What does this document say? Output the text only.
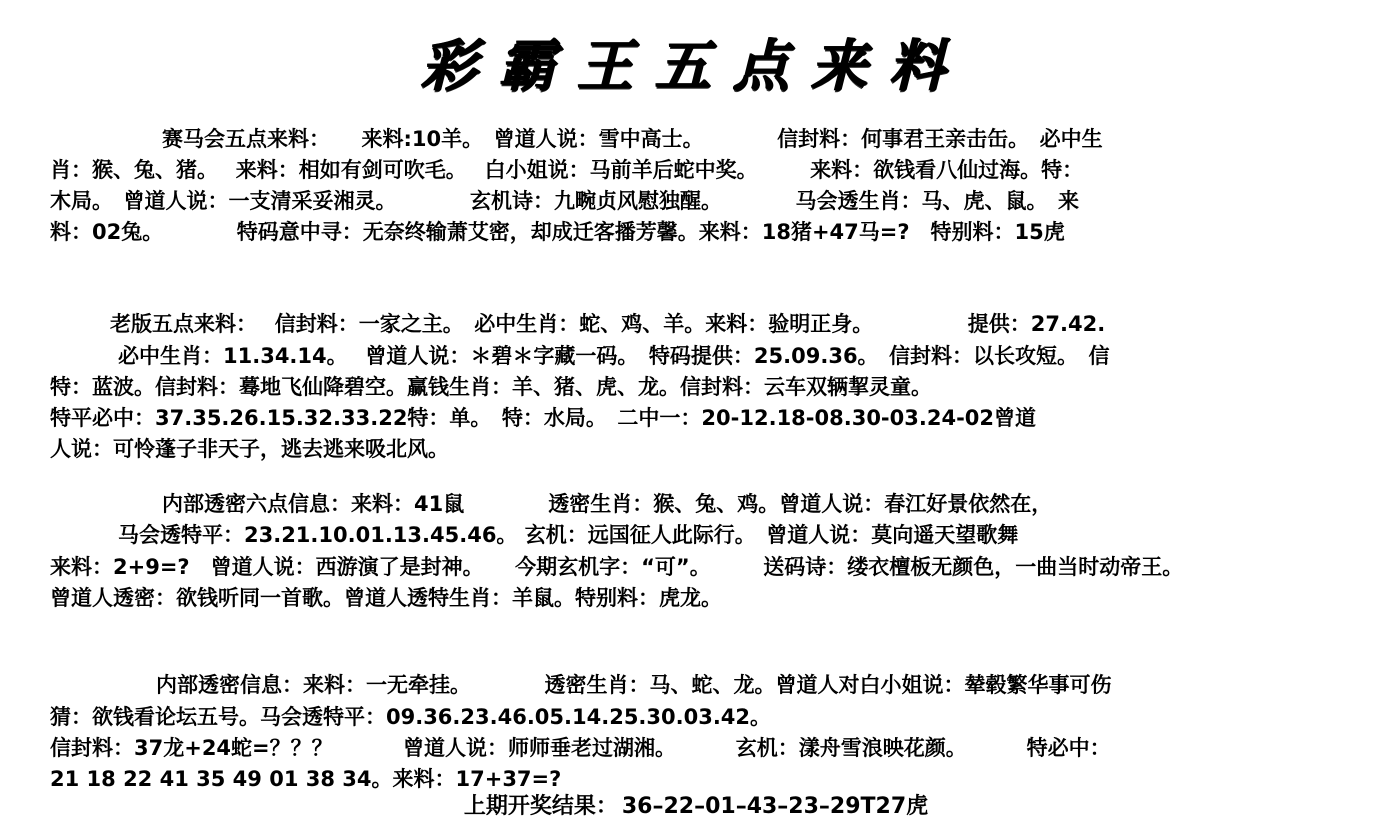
彩霸王五点来料
赛马会五点来料：　　来料:10羊。　曾道人说：雪中高士。　　　　信封料：何事君王亲击缶。　必中生
肖：猴、兔、猪。　 来料：相如有剑可吹毛。　 白小姐说：马前羊后蛇中奖。　　　来料：欲钱看八仙过海。特：
木局。　曾道人说：一支清采妥湘灵。　　　　玄机诗：九畹贞风慰独醒。　　　　马会透生肖：马、虎、鼠。　来
料：02兔。　　　　特码意中寻：无奈终输萧艾密，却成迁客播芳馨。来料：18猪+47马=?　特别料：15虎
老版五点来料：　 信封料：一家之主。　必中生肖：蛇、鸡、羊。来料：验明正身。　　　　　提供：27.42.
必中生肖：11.34.14。　 曾道人说：＊碧＊字藏一码。　特码提供：25.09.36。　信封料：以长攻短。　信
特：蓝波。信封料：蓦地飞仙降碧空。赢钱生肖：羊、猪、虎、龙。信封料：云车双辆挈灵童。
特平必中：37.35.26.15.32.33.22特：单。　特：水局。　二中一：20-12.18-08.30-03.24-02曾道
人说：可怜蓬子非天子，逃去逃来吸北风。
内部透密六点信息：来料：41鼠　　　　透密生肖：猴、兔、鸡。曾道人说：春江好景依然在，
马会透特平：23.21.10.01.13.45.46。 玄机：远国征人此际行。　曾道人说：莫向遥天望歌舞
来料：2+9=?　曾道人说：西游演了是封神。　　今期玄机字：“可”。　　　送码诗：缕衣檀板无颜色，一曲当时动帝王。
曾道人透密：欲钱听同一首歌。曾道人透特生肖：羊鼠。特别料：虎龙。
内部透密信息：来料：一无牵挂。　　　　透密生肖：马、蛇、龙。曾道人对白小姐说：辇毂繁华事可伤
猜：欲钱看论坛五号。马会透特平：09.36.23.46.05.14.25.30.03.42。
信封料：37龙+24蛇=？？？　　　 曾道人说：师师垂老过湖湘。　　　 玄机：漾舟雪浪映花颜。　　　 特必中：
21 18 22 41 35 49 01 38 34。来料：17+37=?
上期开奖结果： 36–22–01–43–23–29T27虎
